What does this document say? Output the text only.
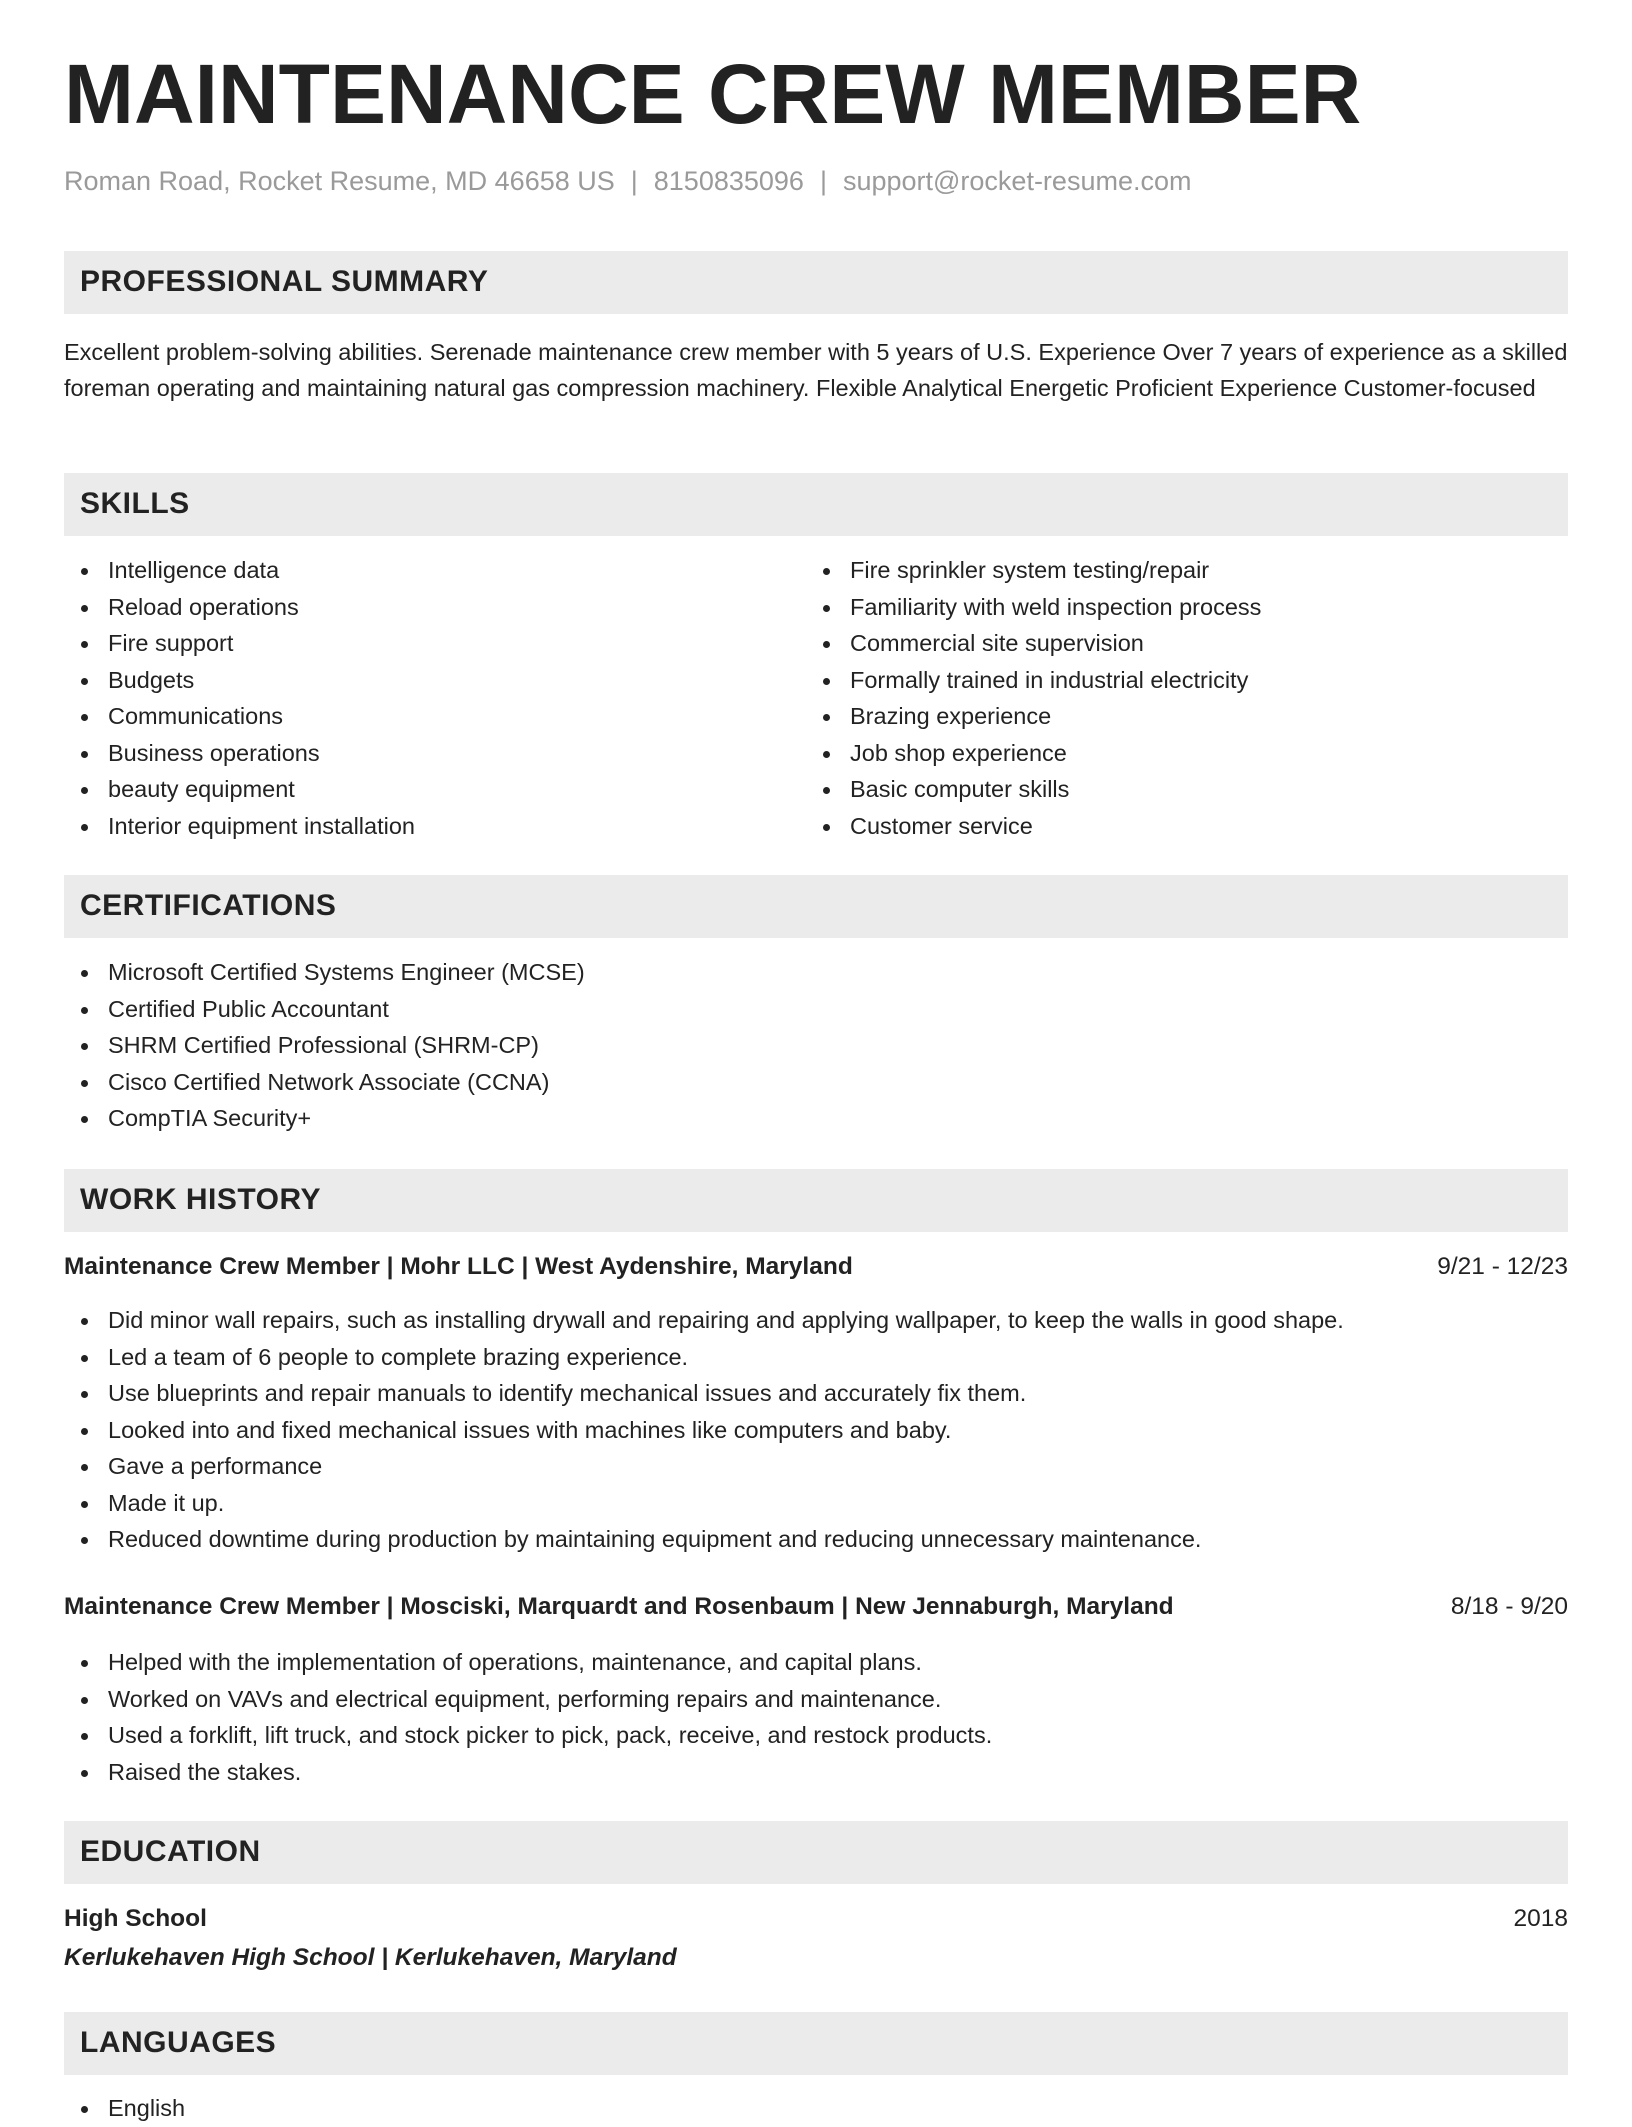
MAINTENANCE CREW MEMBER
Roman Road, Rocket Resume, MD 46658 US | 8150835096 | support@rocket-resume.com
PROFESSIONAL SUMMARY
Excellent problem-solving abilities. Serenade maintenance crew member with 5 years of U.S. Experience Over 7 years of experience as a skilled foreman operating and maintaining natural gas compression machinery. Flexible Analytical Energetic Proficient Experience Customer-focused
SKILLS
Intelligence data
Reload operations
Fire support
Budgets
Communications
Business operations
beauty equipment
Interior equipment installation
Fire sprinkler system testing/repair
Familiarity with weld inspection process
Commercial site supervision
Formally trained in industrial electricity
Brazing experience
Job shop experience
Basic computer skills
Customer service
CERTIFICATIONS
Microsoft Certified Systems Engineer (MCSE)
Certified Public Accountant
SHRM Certified Professional (SHRM-CP)
Cisco Certified Network Associate (CCNA)
CompTIA Security+
WORK HISTORY
Maintenance Crew Member | Mohr LLC | West Aydenshire, Maryland	9/21 - 12/23
Did minor wall repairs, such as installing drywall and repairing and applying wallpaper, to keep the walls in good shape.
Led a team of 6 people to complete brazing experience.
Use blueprints and repair manuals to identify mechanical issues and accurately fix them.
Looked into and fixed mechanical issues with machines like computers and baby.
Gave a performance
Made it up.
Reduced downtime during production by maintaining equipment and reducing unnecessary maintenance.
Maintenance Crew Member | Mosciski, Marquardt and Rosenbaum | New Jennaburgh, Maryland	8/18 - 9/20
Helped with the implementation of operations, maintenance, and capital plans.
Worked on VAVs and electrical equipment, performing repairs and maintenance.
Used a forklift, lift truck, and stock picker to pick, pack, receive, and restock products.
Raised the stakes.
EDUCATION
High School	2018
Kerlukehaven High School | Kerlukehaven, Maryland
LANGUAGES
English
